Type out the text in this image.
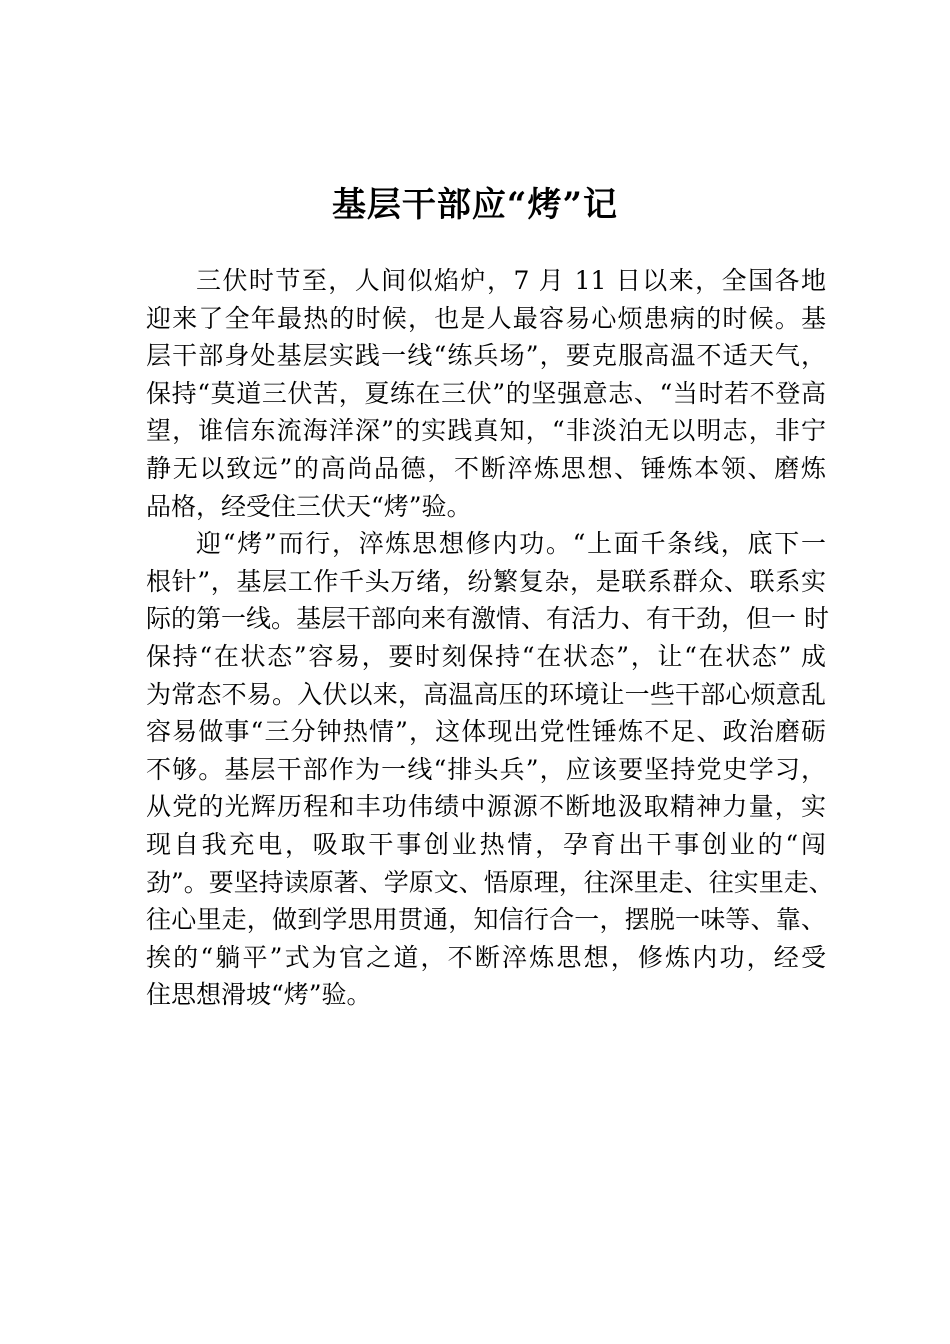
基层干部应“烤”记

三伏时节至，人间似焰炉，7 月 11 日以来，全国各地
迎来了全年最热的时候，也是人最容易心烦患病的时候。基
层干部身处基层实践一线“练兵场”，要克服高温不适天气，
保持“莫道三伏苦，夏练在三伏”的坚强意志、“当时若不登高
望，谁信东流海洋深”的实践真知，“非淡泊无以明志，非宁
静无以致远”的高尚品德，不断淬炼思想、锤炼本领、磨炼
品格，经受住三伏天“烤”验。

迎“烤”而行，淬炼思想修内功。“上面千条线，底下一
根针”，基层工作千头万绪，纷繁复杂，是联系群众、联系实
际的第一线。基层干部向来有激情、有活力、有干劲，但一 时
保持“在状态”容易，要时刻保持“在状态”，让“在状态” 成
为常态不易。入伏以来，高温高压的环境让一些干部心烦意乱
容易做事“三分钟热情”，这体现出党性锤炼不足、政治磨砺
不够。基层干部作为一线“排头兵”，应该要坚持党史学习，
从党的光辉历程和丰功伟绩中源源不断地汲取精神力量，实
现自我充电，吸取干事创业热情，孕育出干事创业的“闯
劲”。要坚持读原著、学原文、悟原理，往深里走、往实里走、
往心里走，做到学思用贯通，知信行合一，摆脱一味等、靠、
挨的“躺平”式为官之道，不断淬炼思想，修炼内功，经受
住思想滑坡“烤”验。
